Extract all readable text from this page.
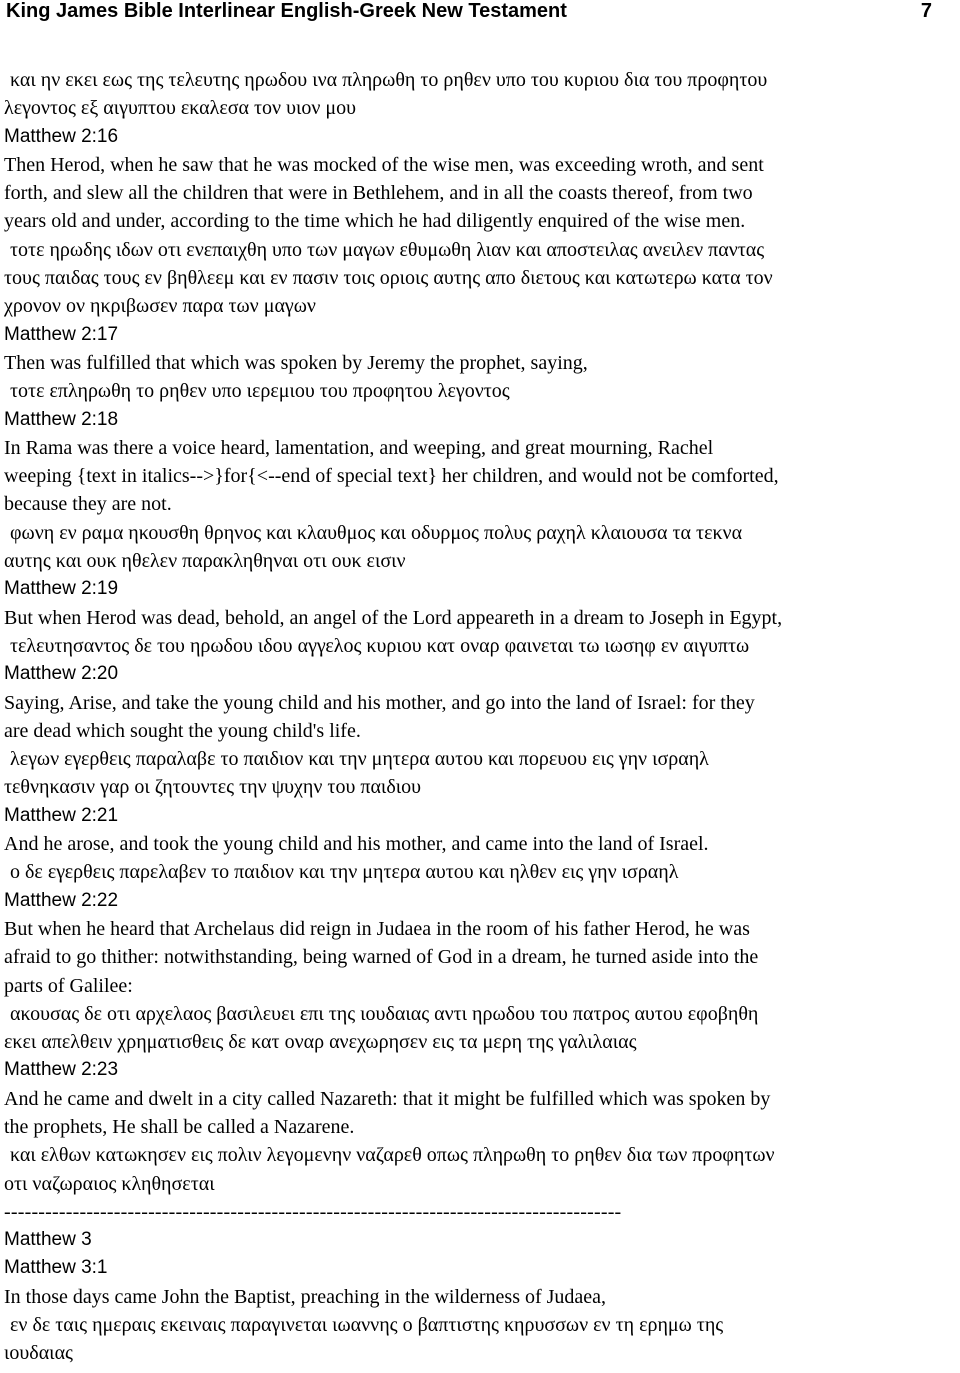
King James Bible Interlinear English-Greek New Testament	7
και ην εκει εως της τελευτης ηρωδου ινα πληρωθη το ρηθεν υπο του κυριου δια του προφητου
λεγοντος εξ αιγυπτου εκαλεσα τον υιον μου
Matthew 2:16
Then Herod, when he saw that he was mocked of the wise men, was exceeding wroth, and sent
forth, and slew all the children that were in Bethlehem, and in all the coasts thereof, from two
years old and under, according to the time which he had diligently enquired of the wise men.
τοτε ηρωδης ιδων οτι ενεπαιχθη υπο των μαγων εθυμωθη λιαν και αποστειλας ανειλεν παντας
τους παιδας τους εν βηθλεεμ και εν πασιν τοις οριοις αυτης απο διετους και κατωτερω κατα τον
χρονον ον ηκριβωσεν παρα των μαγων
Matthew 2:17
Then was fulfilled that which was spoken by Jeremy the prophet, saying,
τοτε επληρωθη το ρηθεν υπο ιερεμιου του προφητου λεγοντος
Matthew 2:18
In Rama was there a voice heard, lamentation, and weeping, and great mourning, Rachel
weeping {text in italics-->}for{<--end of special text} her children, and would not be comforted,
because they are not.
φωνη εν ραμα ηκουσθη θρηνος και κλαυθμος και οδυρμος πολυς ραχηλ κλαιουσα τα τεκνα
αυτης και ουκ ηθελεν παρακληθηναι οτι ουκ εισιν
Matthew 2:19
But when Herod was dead, behold, an angel of the Lord appeareth in a dream to Joseph in Egypt,
τελευτησαντος δε του ηρωδου ιδου αγγελος κυριου κατ οναρ φαινεται τω ιωσηφ εν αιγυπτω
Matthew 2:20
Saying, Arise, and take the young child and his mother, and go into the land of Israel: for they
are dead which sought the young child's life.
λεγων εγερθεις παραλαβε το παιδιον και την μητερα αυτου και πορευου εις γην ισραηλ
τεθνηκασιν γαρ οι ζητουντες την ψυχην του παιδιου
Matthew 2:21
And he arose, and took the young child and his mother, and came into the land of Israel.
ο δε εγερθεις παρελαβεν το παιδιον και την μητερα αυτου και ηλθεν εις γην ισραηλ
Matthew 2:22
But when he heard that Archelaus did reign in Judaea in the room of his father Herod, he was
afraid to go thither: notwithstanding, being warned of God in a dream, he turned aside into the
parts of Galilee:
ακουσας δε οτι αρχελαος βασιλευει επι της ιουδαιας αντι ηρωδου του πατρος αυτου εφοβηθη
εκει απελθειν χρηματισθεις δε κατ οναρ ανεχωρησεν εις τα μερη της γαλιλαιας
Matthew 2:23
And he came and dwelt in a city called Nazareth: that it might be fulfilled which was spoken by
the prophets, He shall be called a Nazarene.
και ελθων κατωκησεν εις πολιν λεγομενην ναζαρεθ οπως πληρωθη το ρηθεν δια των προφητων
οτι ναζωραιος κληθησεται
------------------------------------------------------------------------------------------
Matthew 3
Matthew 3:1
In those days came John the Baptist, preaching in the wilderness of Judaea,
εν δε ταις ημεραις εκειναις παραγινεται ιωαννης ο βαπτιστης κηρυσσων εν τη ερημω της
ιουδαιας
